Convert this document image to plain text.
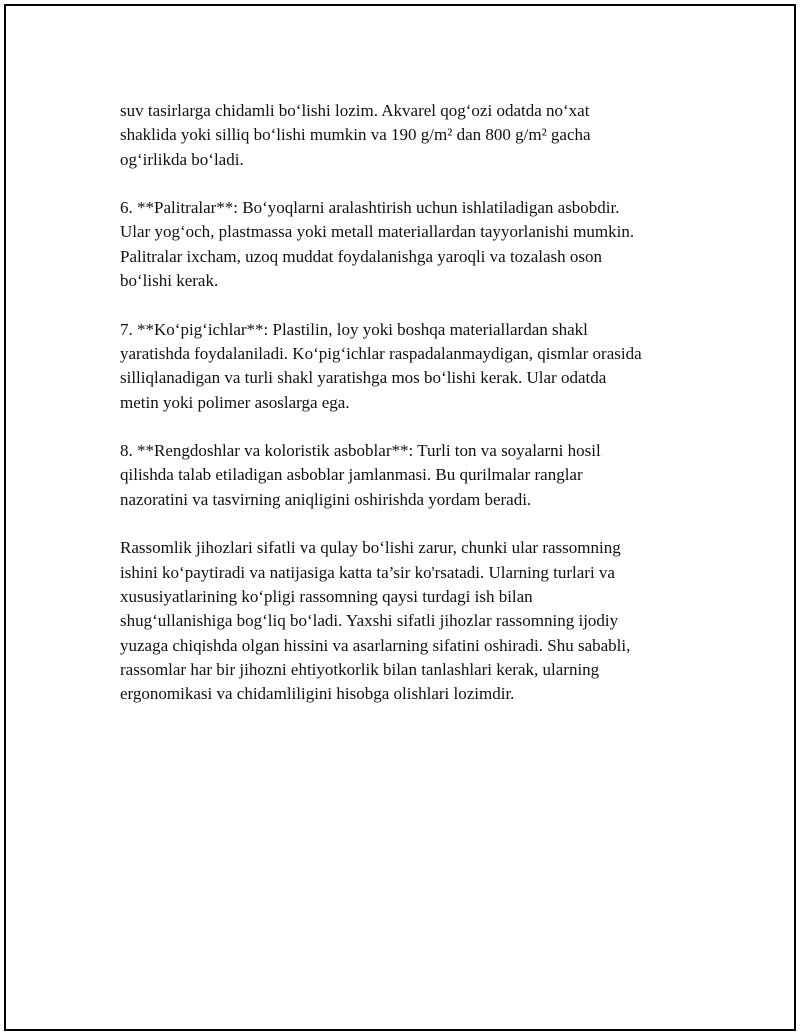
suv tasirlarga chidamli bo‘lishi lozim. Akvarel qog‘ozi odatda no‘xat
shaklida yoki silliq bo‘lishi mumkin va 190 g/m² dan 800 g/m² gacha
og‘irlikda bo‘ladi.

6. **Palitralar**: Bo‘yoqlarni aralashtirish uchun ishlatiladigan asbobdir.
Ular yog‘och, plastmassa yoki metall materiallardan tayyorlanishi mumkin.
Palitralar ixcham, uzoq muddat foydalanishga yaroqli va tozalash oson
bo‘lishi kerak.

7. **Ko‘pig‘ichlar**: Plastilin, loy yoki boshqa materiallardan shakl
yaratishda foydalaniladi. Ko‘pig‘ichlar raspadalanmaydigan, qismlar orasida
silliqlanadigan va turli shakl yaratishga mos bo‘lishi kerak. Ular odatda
metin yoki polimer asoslarga ega.

8. **Rengdoshlar va koloristik asboblar**: Turli ton va soyalarni hosil
qilishda talab etiladigan asboblar jamlanmasi. Bu qurilmalar ranglar
nazoratini va tasvirning aniqligini oshirishda yordam beradi.

Rassomlik jihozlari sifatli va qulay bo‘lishi zarur, chunki ular rassomning
ishini ko‘paytiradi va natijasiga katta ta’sir ko'rsatadi. Ularning turlari va
xususiyatlarining ko‘pligi rassomning qaysi turdagi ish bilan
shug‘ullanishiga bog‘liq bo‘ladi. Yaxshi sifatli jihozlar rassomning ijodiy
yuzaga chiqishda olgan hissini va asarlarning sifatini oshiradi. Shu sababli,
rassomlar har bir jihozni ehtiyotkorlik bilan tanlashlari kerak, ularning
ergonomikasi va chidamliligini hisobga olishlari lozimdir.
